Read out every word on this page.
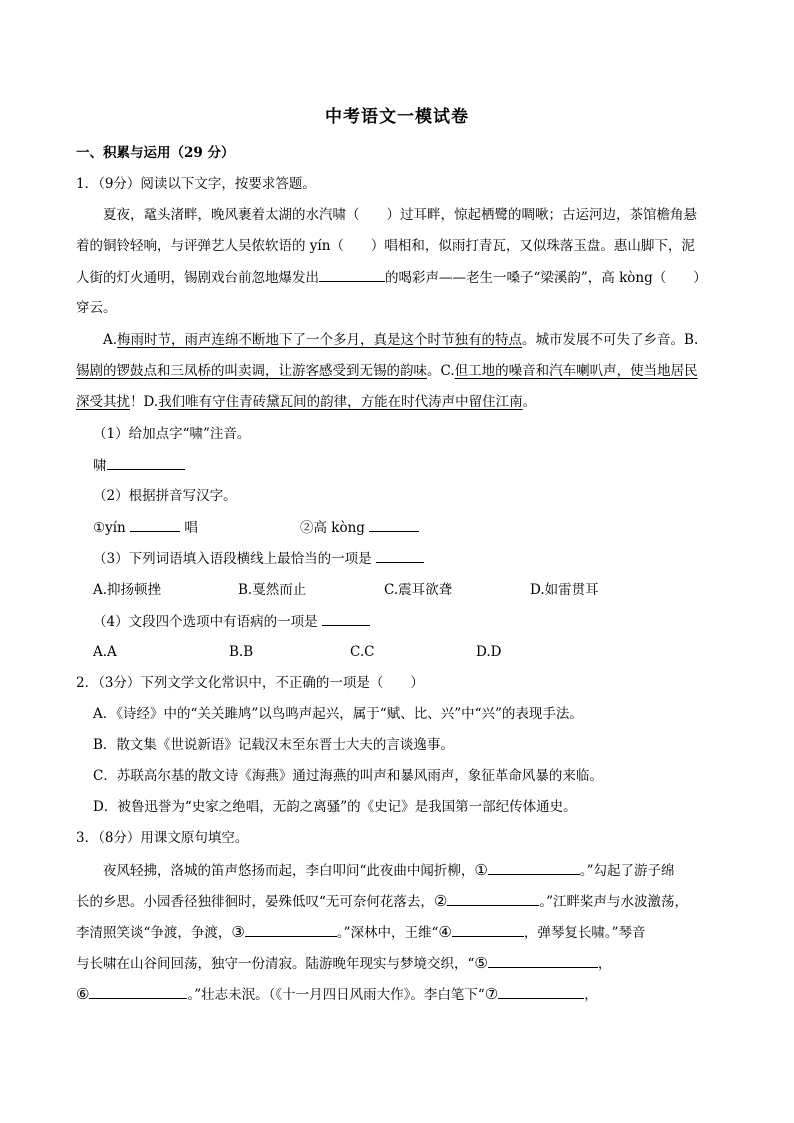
中考语文一模试卷
一、积累与运用（29 分）
1．（9分）阅读以下文字，按要求答题。
夏夜，鼋头渚畔，晚风裹着太湖的水汽啸（　　）过耳畔，惊起栖鹭的啁啾；古运河边，茶馆檐角悬
着的铜铃轻响，与评弹艺人吴侬软语的 yín（　　）唱相和，似雨打青瓦，又似珠落玉盘。惠山脚下，泥
人街的灯火通明，锡剧戏台前忽地爆发出	的喝彩声——老生一嗓子“梁溪韵”，高 kòng（　　）
穿云。
A.梅雨时节，雨声连绵不断地下了一个多月，真是这个时节独有的特点。城市发展不可失了乡音。B.
锡剧的锣鼓点和三凤桥的叫卖调，让游客感受到无锡的韵味。C.但工地的噪音和汽车喇叭声，使当地居民
深受其扰！D.我们唯有守住青砖黛瓦间的韵律，方能在时代涛声中留住江南。
（1）给加点字“啸”注音。
啸
（2）根据拼音写汉字。
①yín	唱	②高 kòng
（3）下列词语填入语段横线上最恰当的一项是
A.抑扬顿挫	B.戛然而止	C.震耳欲聋	D.如雷贯耳
（4）文段四个选项中有语病的一项是
A.A	B.B	C.C	D.D
2．（3分）下列文学文化常识中，不正确的一项是（　　）
A．《诗经》中的“关关雎鸠”以鸟鸣声起兴，属于“赋、比、兴”中“兴”的表现手法。
B．散文集《世说新语》记载汉末至东晋士大夫的言谈逸事。
C．苏联高尔基的散文诗《海燕》通过海燕的叫声和暴风雨声，象征革命风暴的来临。
D．被鲁迅誉为“史家之绝唱，无韵之离骚”的《史记》是我国第一部纪传体通史。
3．（8分）用课文原句填空。
夜风轻拂，洛城的笛声悠扬而起，李白叩问“此夜曲中闻折柳，①	。”勾起了游子绵
长的乡思。小园香径独徘徊时，晏殊低叹“无可奈何花落去，②	。”江畔桨声与水波激荡，
李清照笑谈“争渡，争渡，③	。”深林中，王维“④	，弹琴复长啸。”琴音
与长啸在山谷间回荡，独守一份清寂。陆游晚年现实与梦境交织，“⑤	，
⑥	。”壮志未泯。（《十一月四日风雨大作》。李白笔下“⑦	，
